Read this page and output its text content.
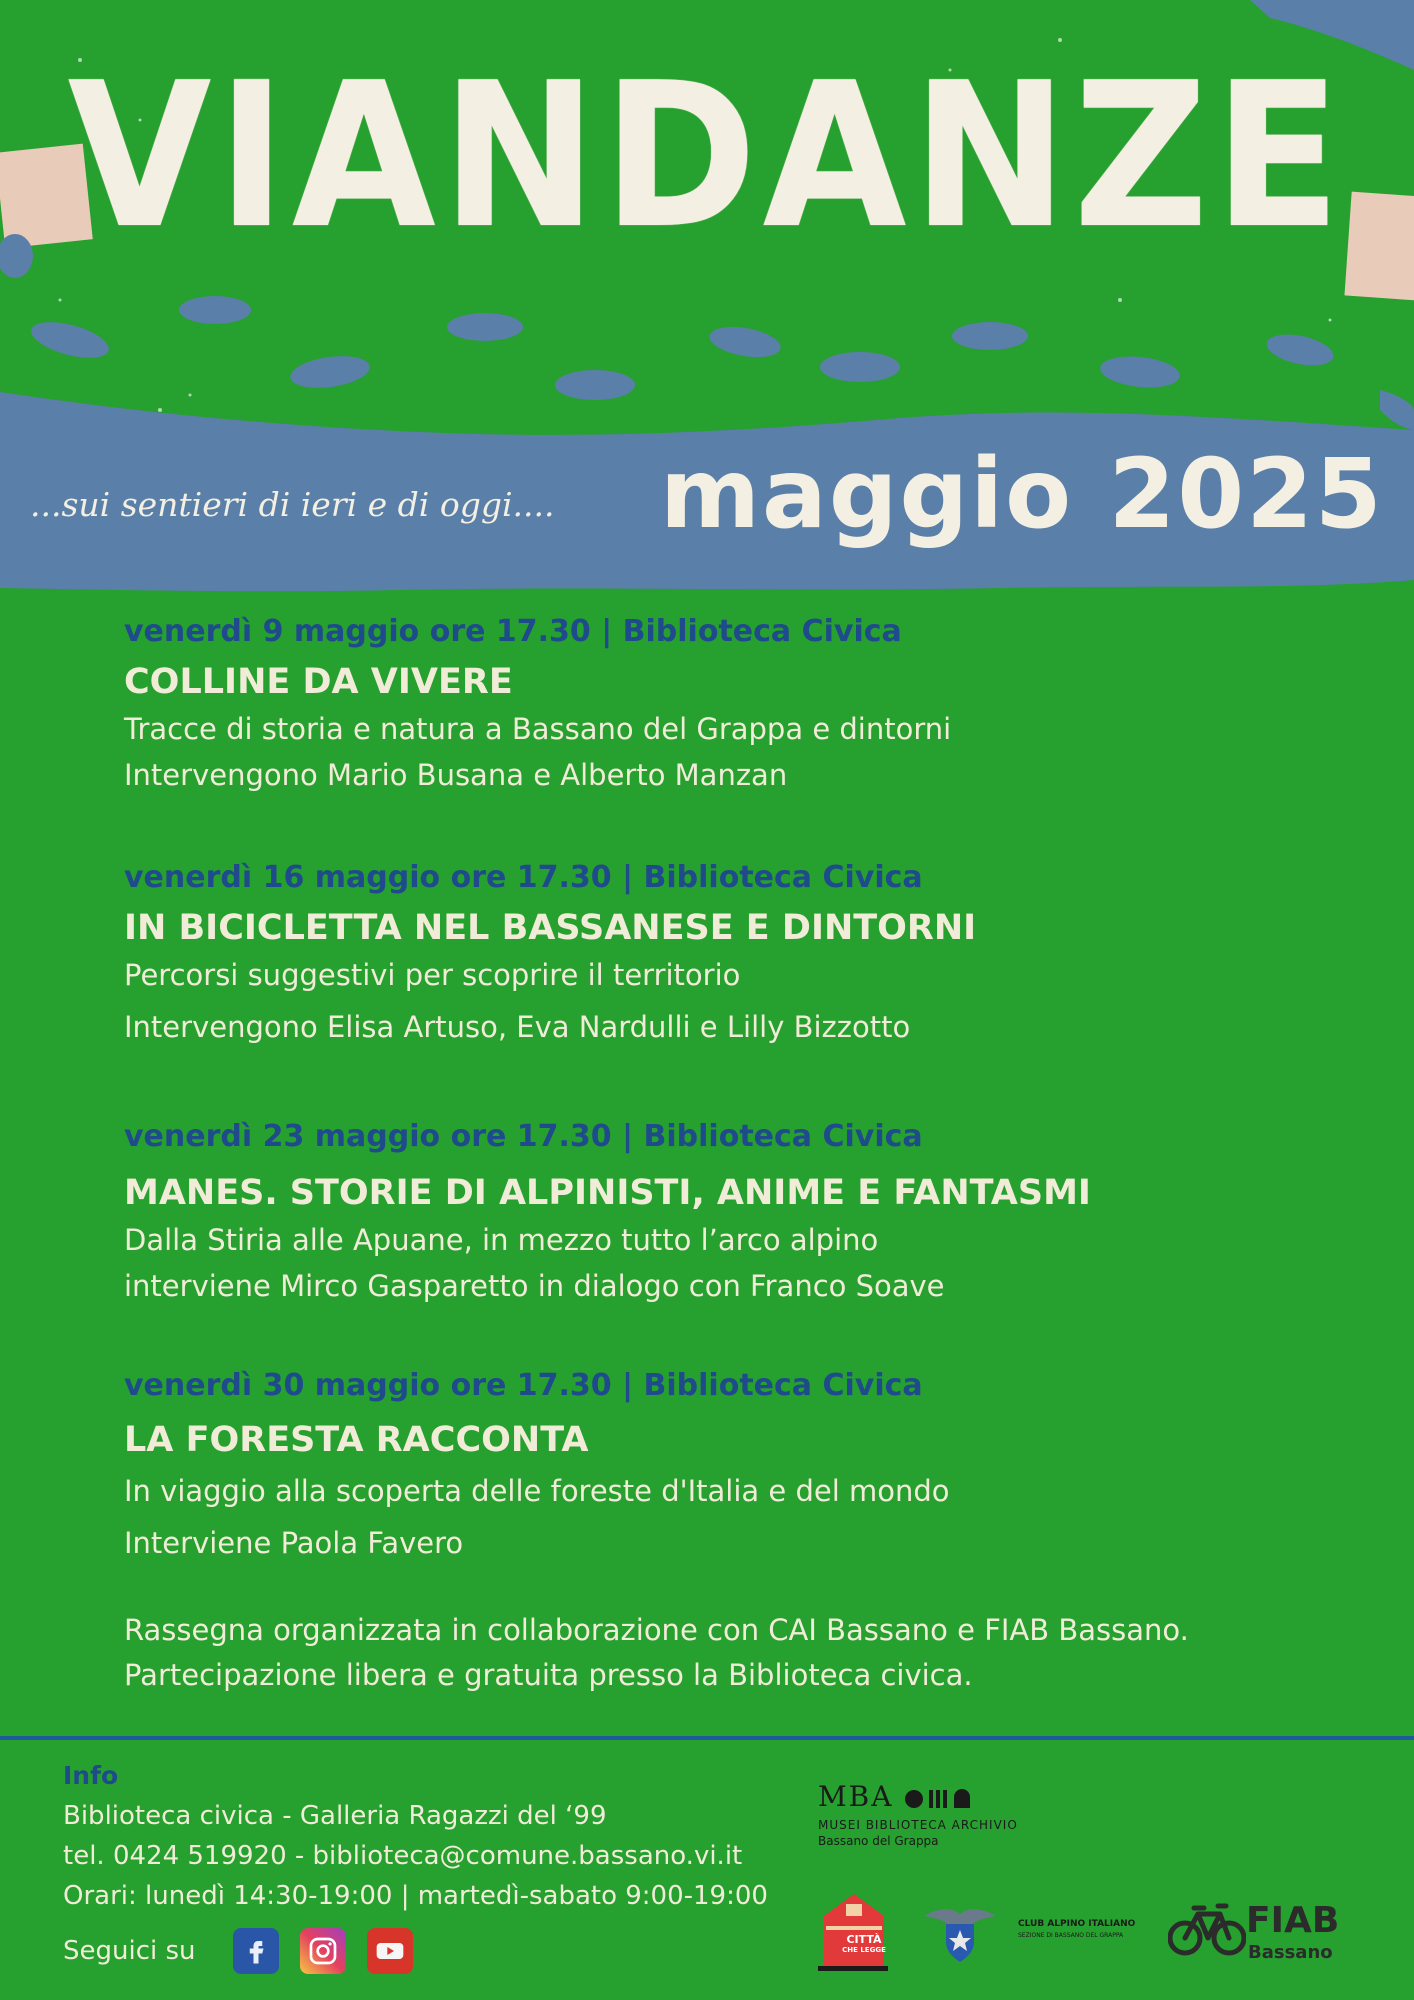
VIANDANZE
...sui sentieri di ieri e di oggi.... maggio 2025
venerdì 9 maggio ore 17.30 | Biblioteca Civica
COLLINE DA VIVERE
Tracce di storia e natura a Bassano del Grappa e dintorni
Intervengono Mario Busana e Alberto Manzan
venerdì 16 maggio ore 17.30 | Biblioteca Civica
IN BICICLETTA NEL BASSANESE E DINTORNI
Percorsi suggestivi per scoprire il territorio
Intervengono Elisa Artuso, Eva Nardulli e Lilly Bizzotto
venerdì 23 maggio ore 17.30 | Biblioteca Civica
MANES. STORIE DI ALPINISTI, ANIME E FANTASMI
Dalla Stiria alle Apuane, in mezzo tutto l’arco alpino
interviene Mirco Gasparetto in dialogo con Franco Soave
venerdì 30 maggio ore 17.30 | Biblioteca Civica
LA FORESTA RACCONTA
In viaggio alla scoperta delle foreste d'Italia e del mondo
Interviene Paola Favero
Rassegna organizzata in collaborazione con CAI Bassano e FIAB Bassano.
Partecipazione libera e gratuita presso la Biblioteca civica.
Info
Biblioteca civica - Galleria Ragazzi del ‘99
tel. 0424 519920 - biblioteca@comune.bassano.vi.it
Orari: lunedì 14:30-19:00 | martedì-sabato 9:00-19:00
Seguici su
MBA
MUSEI BIBLIOTECA ARCHIVIO
Bassano del Grappa
CITTÀ
CHE LEGGE
CLUB ALPINO ITALIANO
SEZIONE DI BASSANO DEL GRAPPA	FIAB
Bassano
